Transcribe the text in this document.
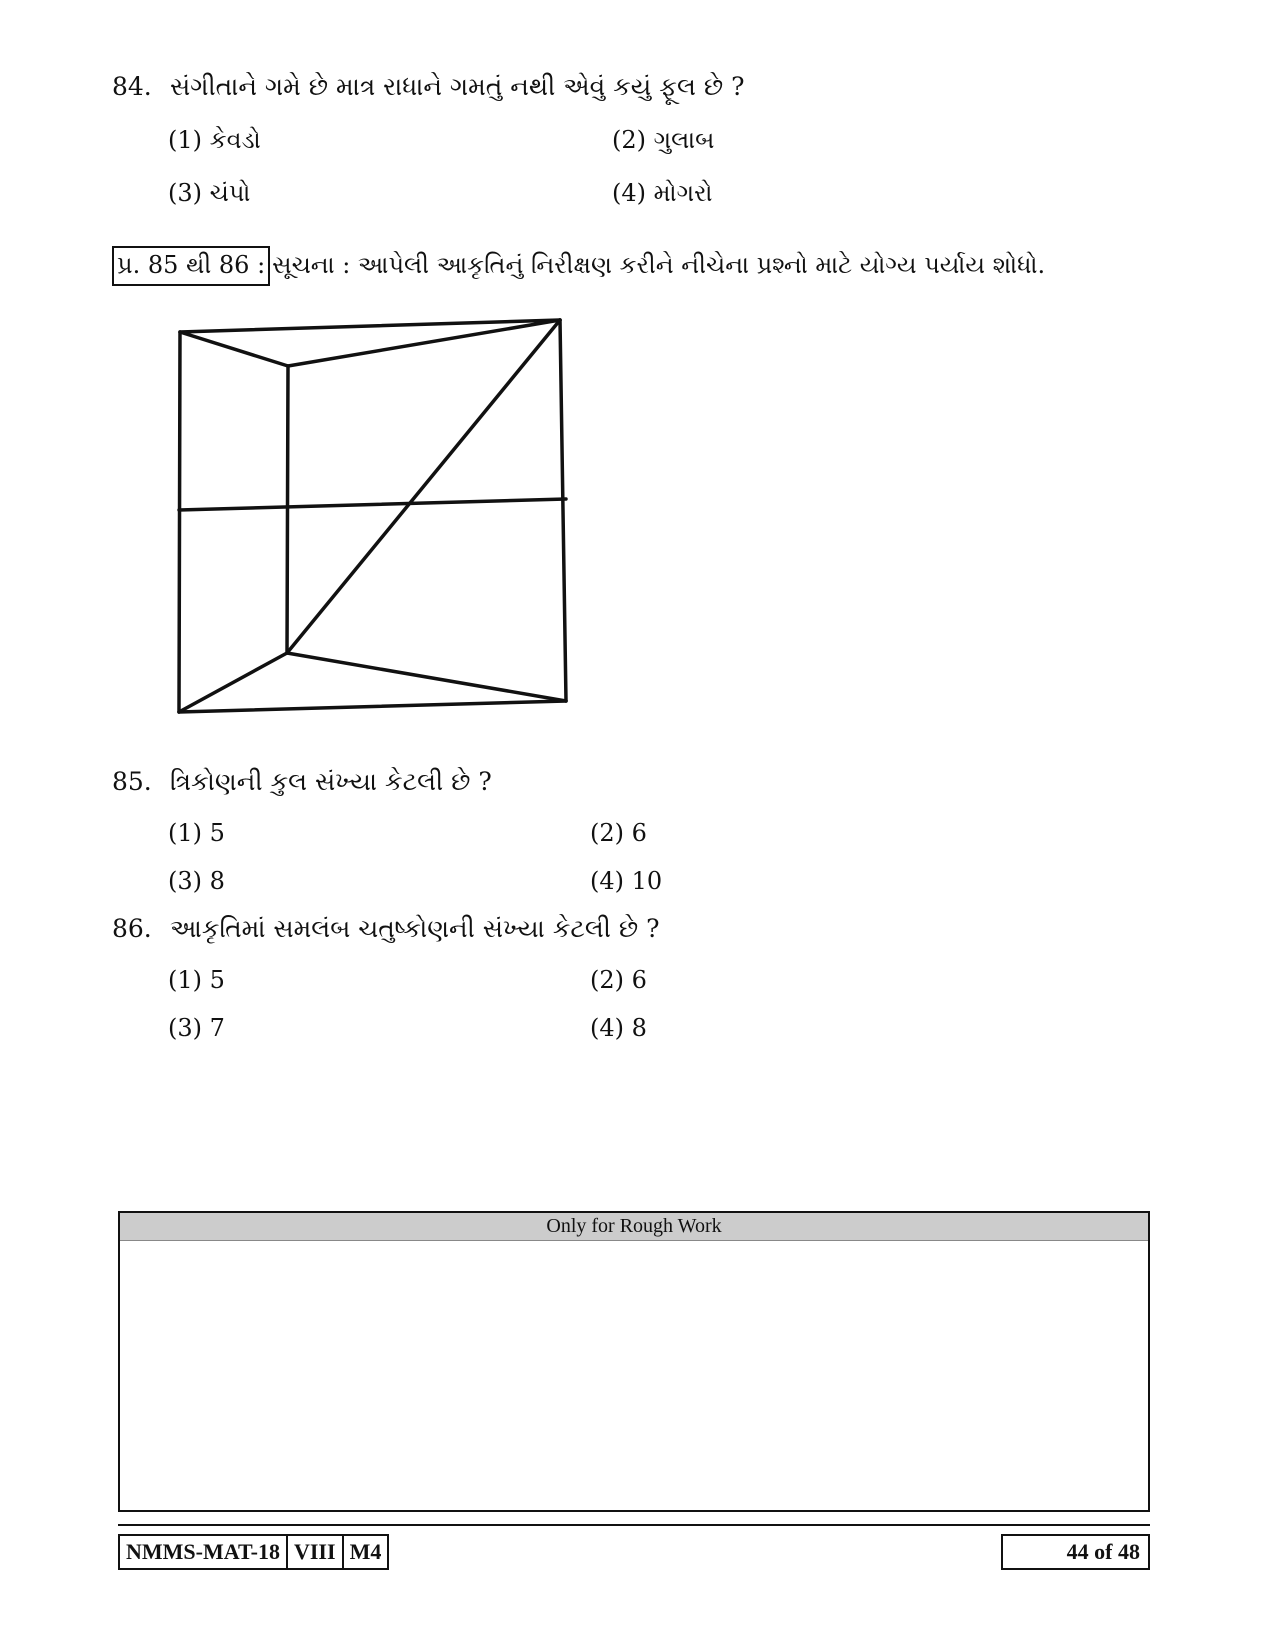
84. સંગીતાને ગમે છે માત્ર રાધાને ગમતું નથી એવું કયું ફૂલ છે ?
(1) કેવડો	(2) ગુલાબ
(3) ચંપો	(4) મોગરો
પ્ર. 85 થી 86 : સૂચના : આપેલી આકૃતિનું નિરીક્ષણ કરીને નીચેના પ્રશ્નો માટે યોગ્ય પર્યાય શોધો.
85. ત્રિકોણની કુલ સંખ્યા કેટલી છે ?
(1) 5	(2) 6
(3) 8	(4) 10
86. આકૃતિમાં સમલંબ ચતુષ્કોણની સંખ્યા કેટલી છે ?
(1) 5	(2) 6
(3) 7	(4) 8
Only for Rough Work
NMMS-MAT-18 VIII M4	44 of 48
